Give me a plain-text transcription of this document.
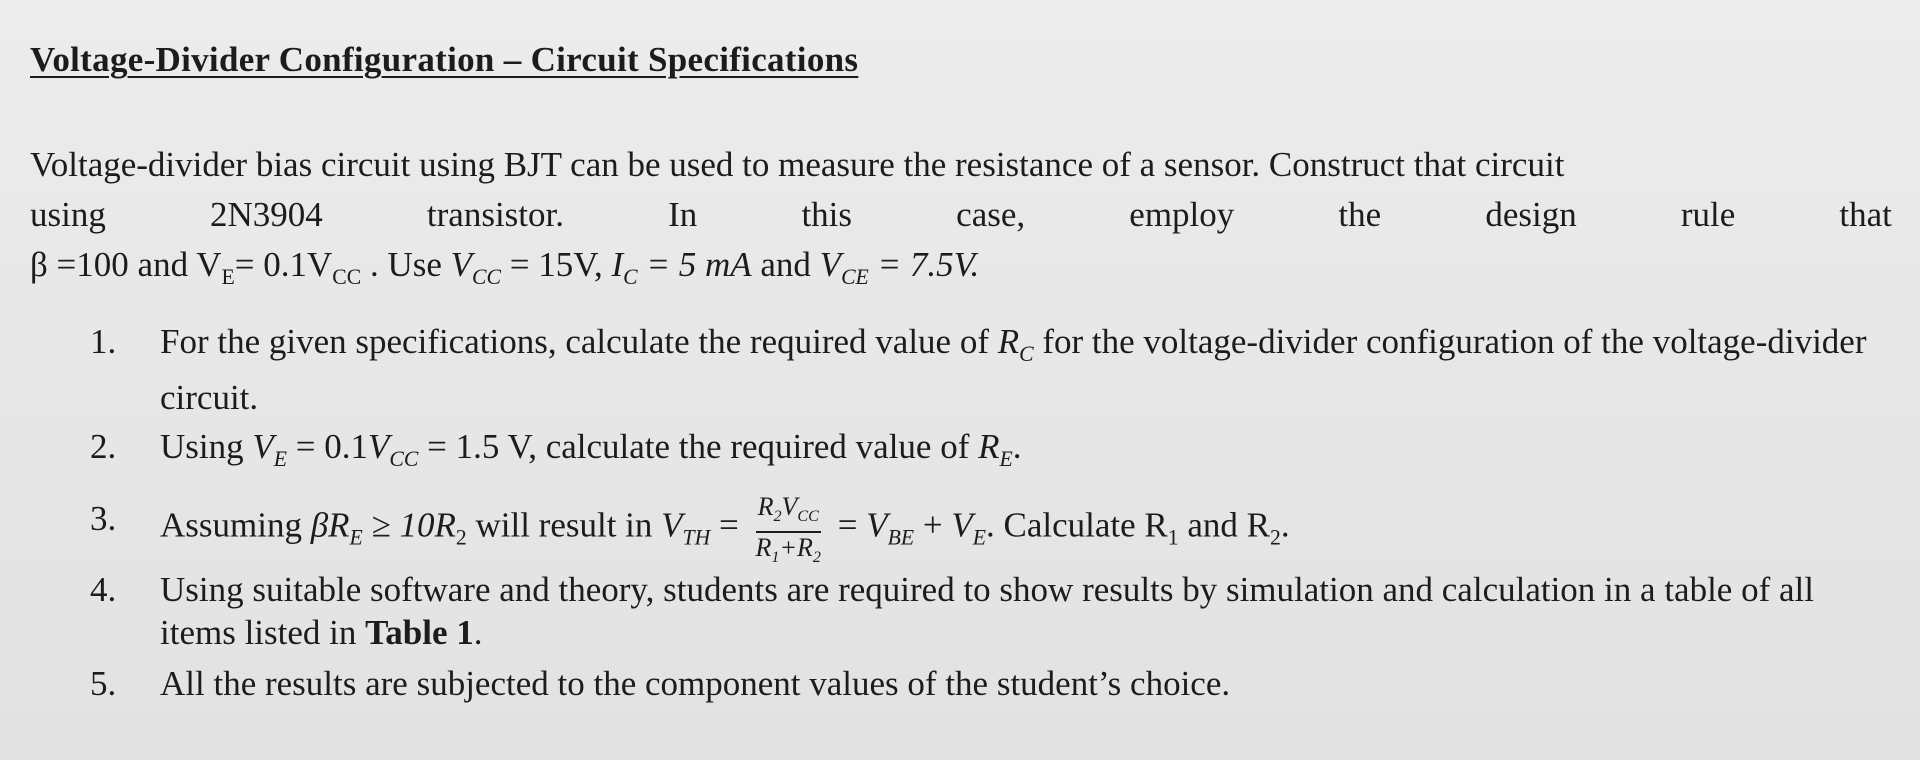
Voltage-Divider Configuration – Circuit Specifications
Voltage-divider bias circuit using BJT can be used to measure the resistance of a sensor. Construct that circuit
using	2N3904	transistor.	In	this	case,	employ	the	design	rule	that
β =100 and $V_E= 0.1V_{CC}$ . Use $V_{CC} = 15V$, $I_C = 5$ mA and $V_{CE} = 7.5V$.
1.	For the given specifications, calculate the required value of $R_C$ for the voltage-divider configuration of the voltage-divider circuit.
2.	Using $V_E = 0.1V_{CC} = 1.5$ V, calculate the required value of $R_E$.
3.	Assuming $\beta R_E \ge 10R_2$ will result in $V_{TH} = \frac{R_2V_{CC}}{R_1+R_2} = V_{BE} + V_E$. Calculate $R_1$ and $R_2$.
4.	Using suitable software and theory, students are required to show results by simulation and calculation in a table of all items listed in Table 1.
5.	All the results are subjected to the component values of the student’s choice.
